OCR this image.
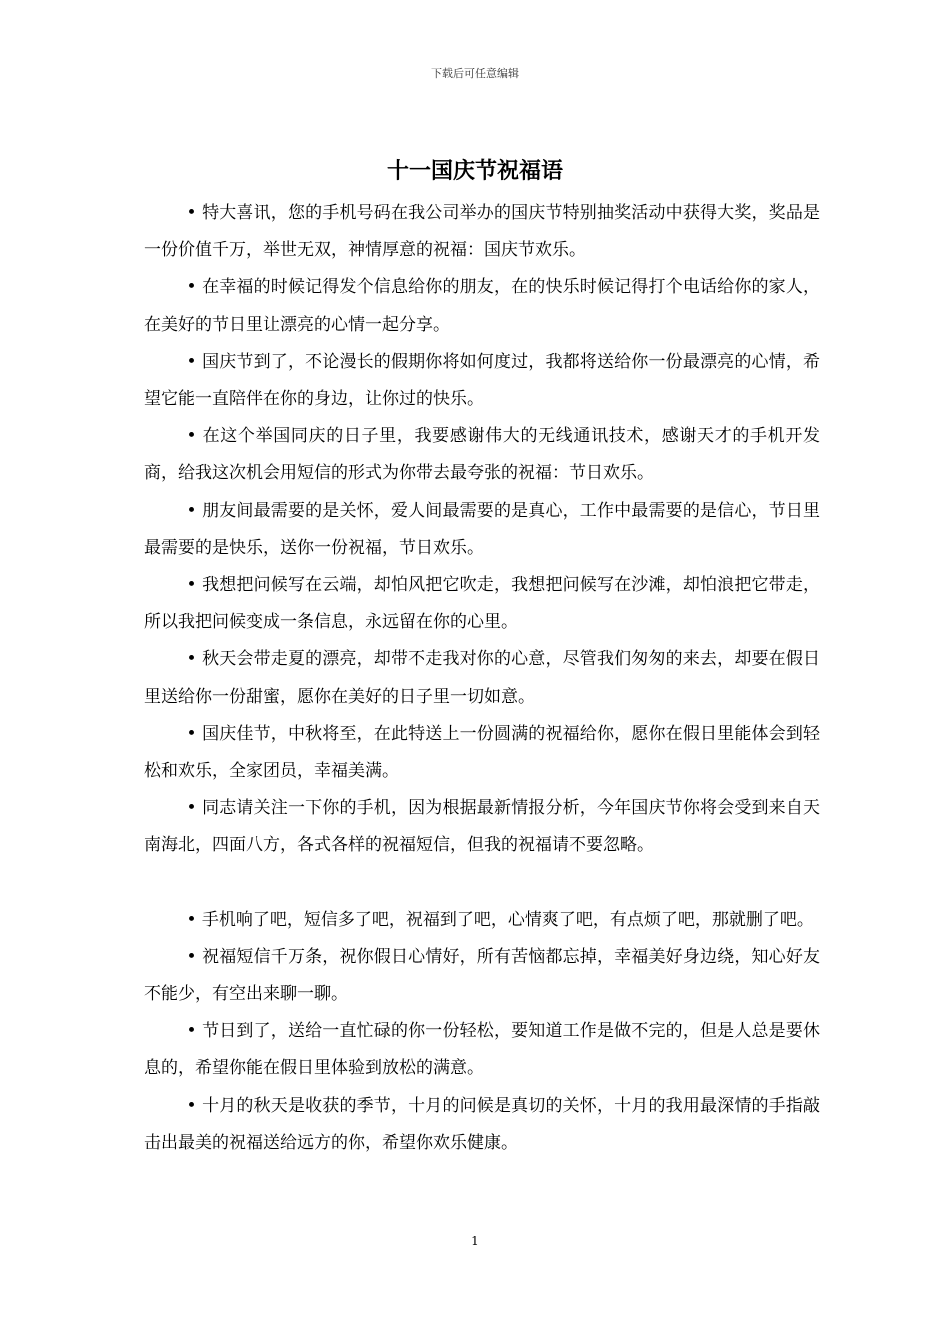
下载后可任意编辑
十一国庆节祝福语

• 特大喜讯，您的手机号码在我公司举办的国庆节特别抽奖活动中获得大奖，奖品是一份价值千万，举世无双，神情厚意的祝福：国庆节欢乐。

• 在幸福的时候记得发个信息给你的朋友，在的快乐时候记得打个电话给你的家人，在美好的节日里让漂亮的心情一起分享。

• 国庆节到了，不论漫长的假期你将如何度过，我都将送给你一份最漂亮的心情，希望它能一直陪伴在你的身边，让你过的快乐。

• 在这个举国同庆的日子里，我要感谢伟大的无线通讯技术，感谢天才的手机开发商，给我这次机会用短信的形式为你带去最夸张的祝福：节日欢乐。

• 朋友间最需要的是关怀，爱人间最需要的是真心，工作中最需要的是信心，节日里最需要的是快乐，送你一份祝福，节日欢乐。

• 我想把问候写在云端，却怕风把它吹走，我想把问候写在沙滩，却怕浪把它带走，所以我把问候变成一条信息，永远留在你的心里。

• 秋天会带走夏的漂亮，却带不走我对你的心意，尽管我们匆匆的来去，却要在假日里送给你一份甜蜜，愿你在美好的日子里一切如意。

• 国庆佳节，中秋将至，在此特送上一份圆满的祝福给你，愿你在假日里能体会到轻松和欢乐，全家团员，幸福美满。

• 同志请关注一下你的手机，因为根据最新情报分析，今年国庆节你将会受到来自天南海北，四面八方，各式各样的祝福短信，但我的祝福请不要忽略。

• 手机响了吧，短信多了吧，祝福到了吧，心情爽了吧，有点烦了吧，那就删了吧。

• 祝福短信千万条，祝你假日心情好，所有苦恼都忘掉，幸福美好身边绕，知心好友不能少，有空出来聊一聊。

• 节日到了，送给一直忙碌的你一份轻松，要知道工作是做不完的，但是人总是要休息的，希望你能在假日里体验到放松的满意。

• 十月的秋天是收获的季节，十月的问候是真切的关怀，十月的我用最深情的手指敲击出最美的祝福送给远方的你，希望你欢乐健康。

1
